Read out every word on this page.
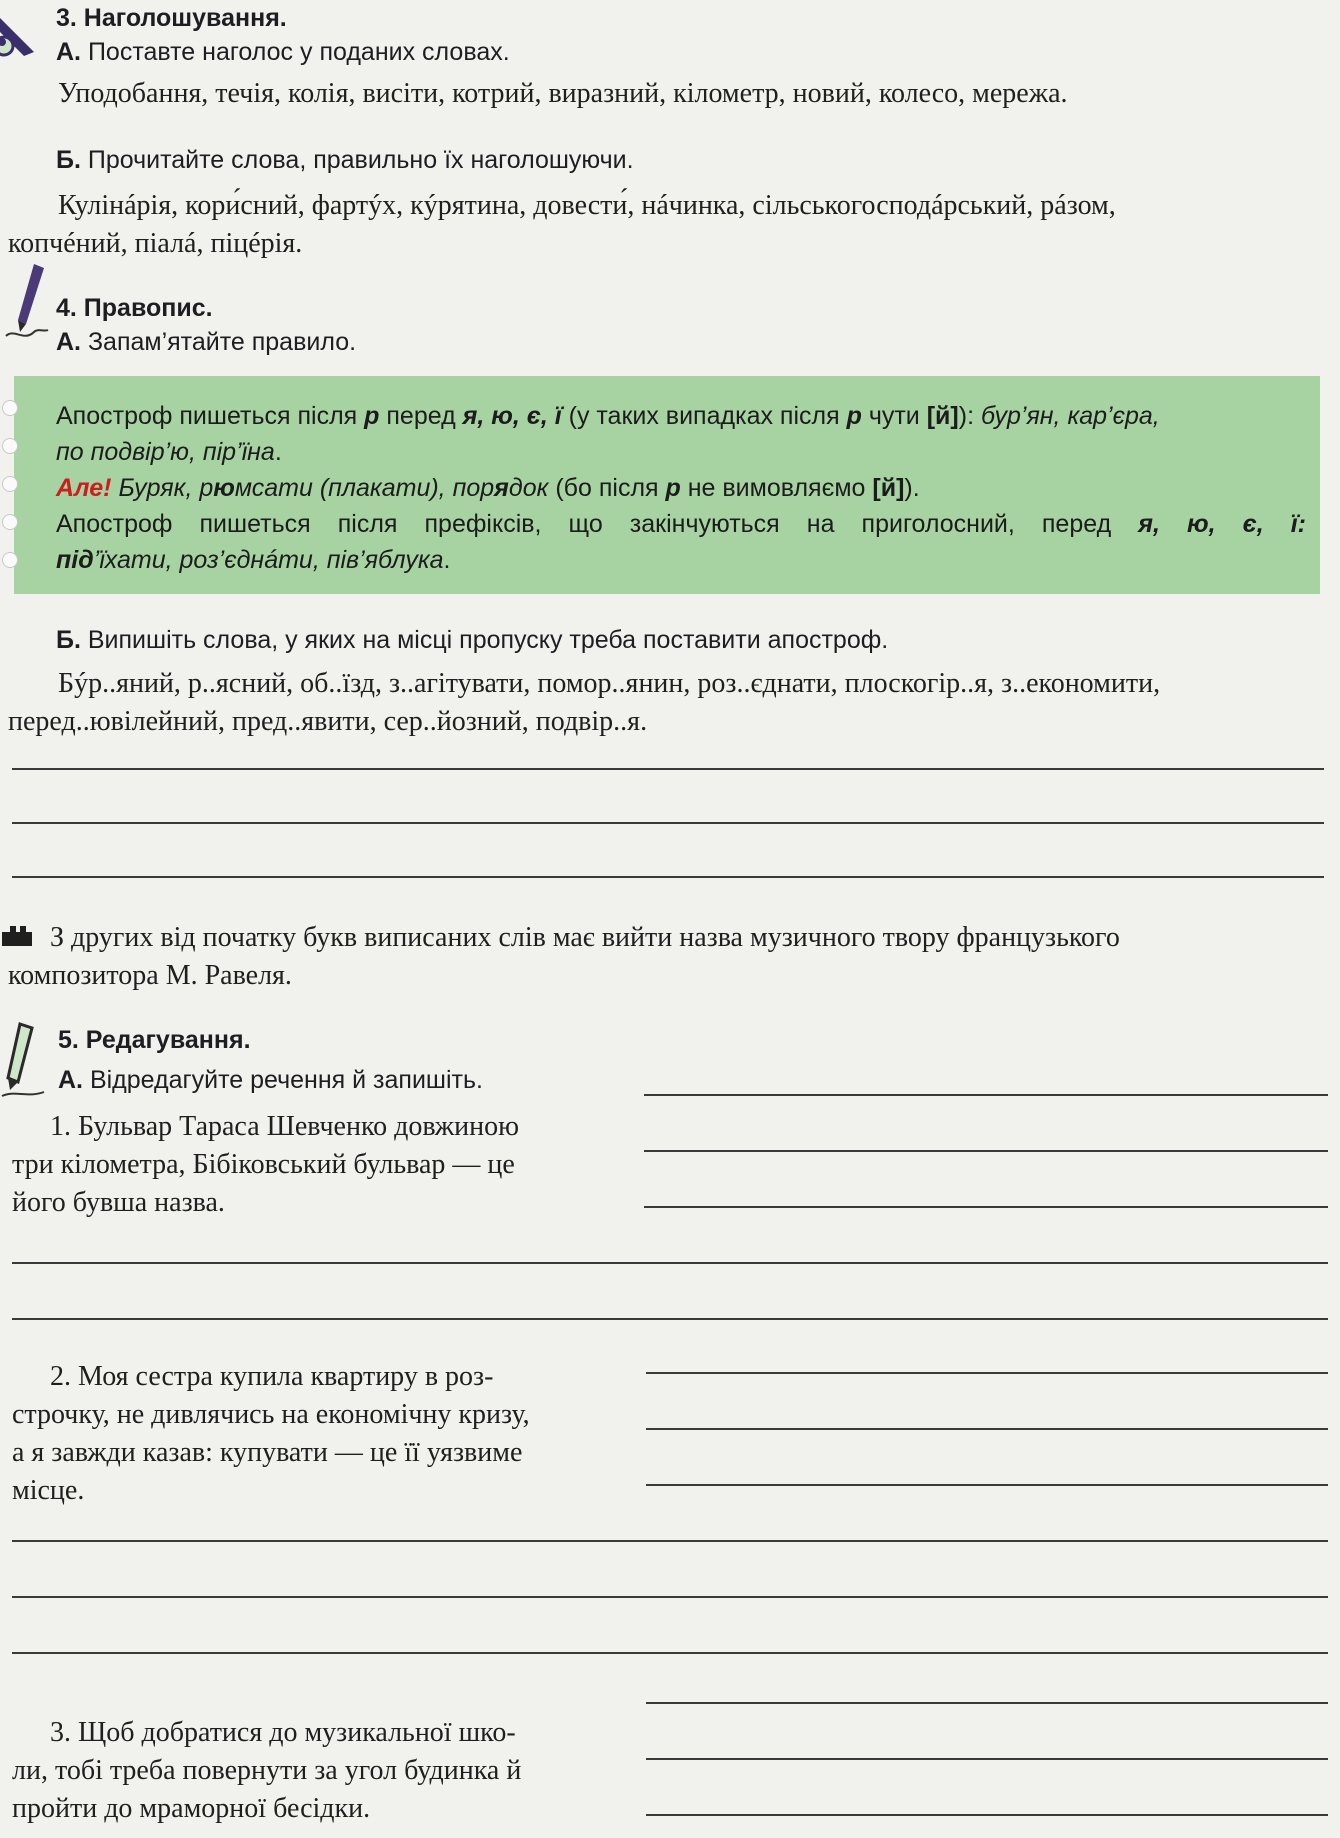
3. Наголошування.
А. Поставте наголос у поданих словах.
Уподобання, течія, колія, висіти, котрий, виразний, кілометр, новий, колесо, мережа.
Б. Прочитайте слова, правильно їх наголошуючи.
Кулінáрія, кори́сний, фартýх, кýрятина, довести́, нáчинка, сільськогосподáрський, рáзом,
копчéний, піалá, піцéрія.
4. Правопис.
А. Запам’ятайте правило.

Апостроф пишеться після р перед я, ю, є, ї (у таких випадках після р чути [й]): бур’ян, кар’єра,

по подвір’ю, пір’їна.

Але! Буряк, рюмсати (плакати), порядок (бо після р не вимовляємо [й]).

Апостроф пишеться після префіксів, що закінчуються на приголосний, перед я, ю, є, ї:

під’їхати, роз’єднáти, пів’яблука.

Б. Випишіть слова, у яких на місці пропуску треба поставити апостроф.
Бýр..яний, р..ясний, об..їзд, з..агітувати, помор..янин, роз..єднати, плоскогір..я, з..економити,
перед..ювілейний, пред..явити, сер..йозний, подвір..я.
З других від початку букв виписаних слів має вийти назва музичного твору французького
композитора М. Равеля.
5. Редагування.
А. Відредагуйте речення й запишіть.
1. Бульвар Тараса Шевченко довжиною
три кілометра, Бібіковський бульвар — це
його бувша назва.
2. Моя сестра купила квартиру в роз-
строчку, не дивлячись на економічну кризу,
а я завжди казав: купувати — це її уязвиме
місце.
3. Щоб добратися до музикальної шко-
ли, тобі треба повернути за угол будинка й
пройти до мраморної бесідки.
